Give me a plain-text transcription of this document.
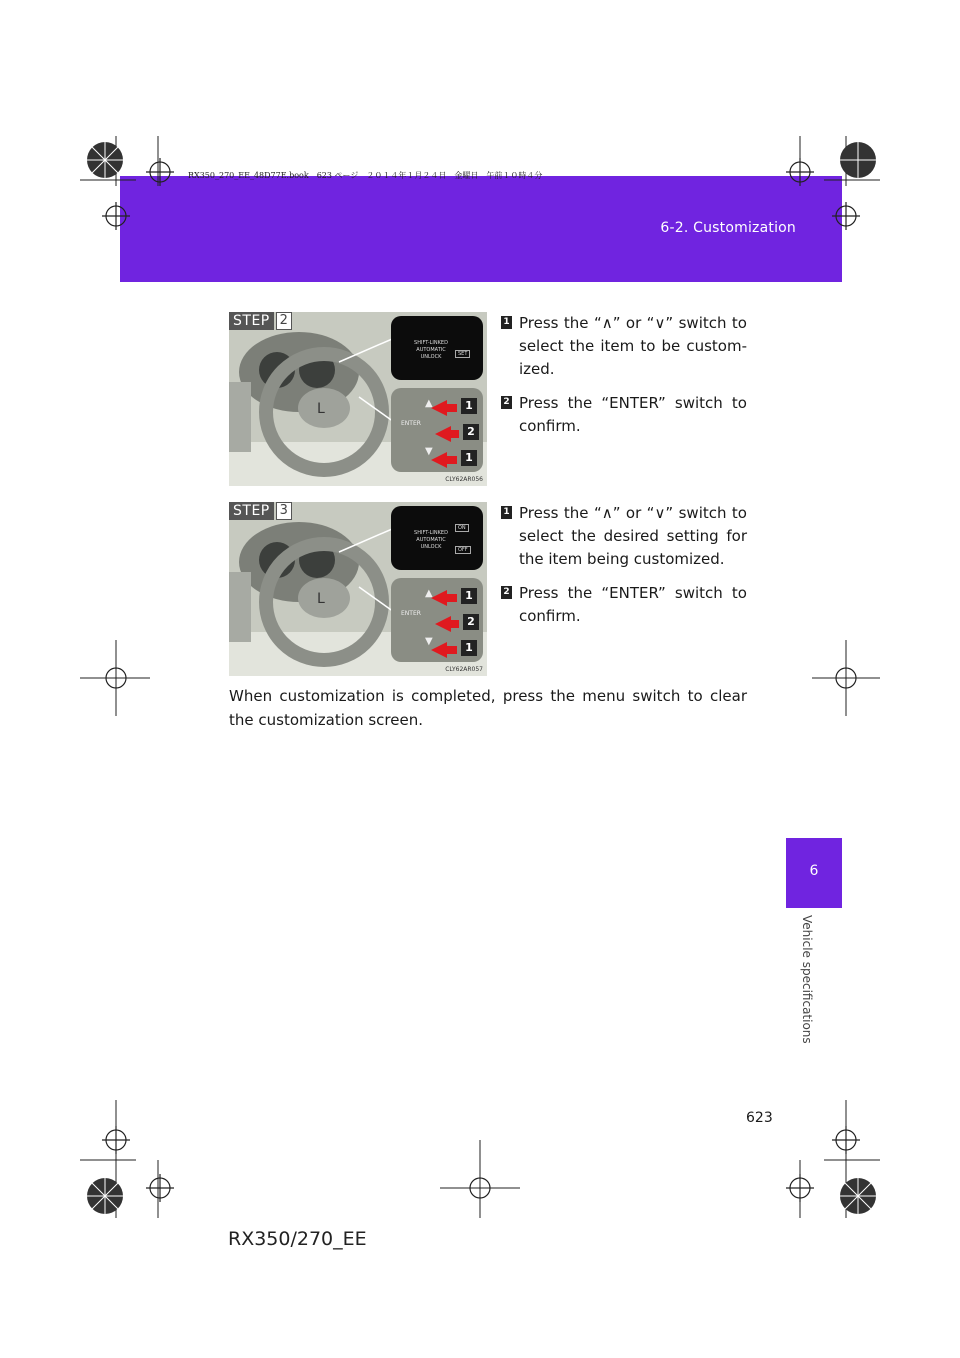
RX350_270_EE_48D77E.book　623 ページ　２０１４年１月２４日　金曜日　午前１０時４分
6-2. Customization
L
SHIFT-LINKED
AUTOMATIC
UNLOCK	SET
ENTER
▲
▼
1
2
1
CLY62AR056
STEP 2	1 Press the “∧” or “∨” switch to select the item to be custom-ized.
2 Press the “ENTER” switch to confirm.
L
SHIFT-LINKED
AUTOMATIC
UNLOCK
ON
OFF
ENTER
▲
▼
1
2
1
CLY62AR057
STEP 3	1 Press the “∧” or “∨” switch to select the desired setting for the item being customized.
2 Press the “ENTER” switch to confirm.
When customization is completed, press the menu switch to clear the customization screen.
6
Vehicle specifications
623
RX350/270_EE
